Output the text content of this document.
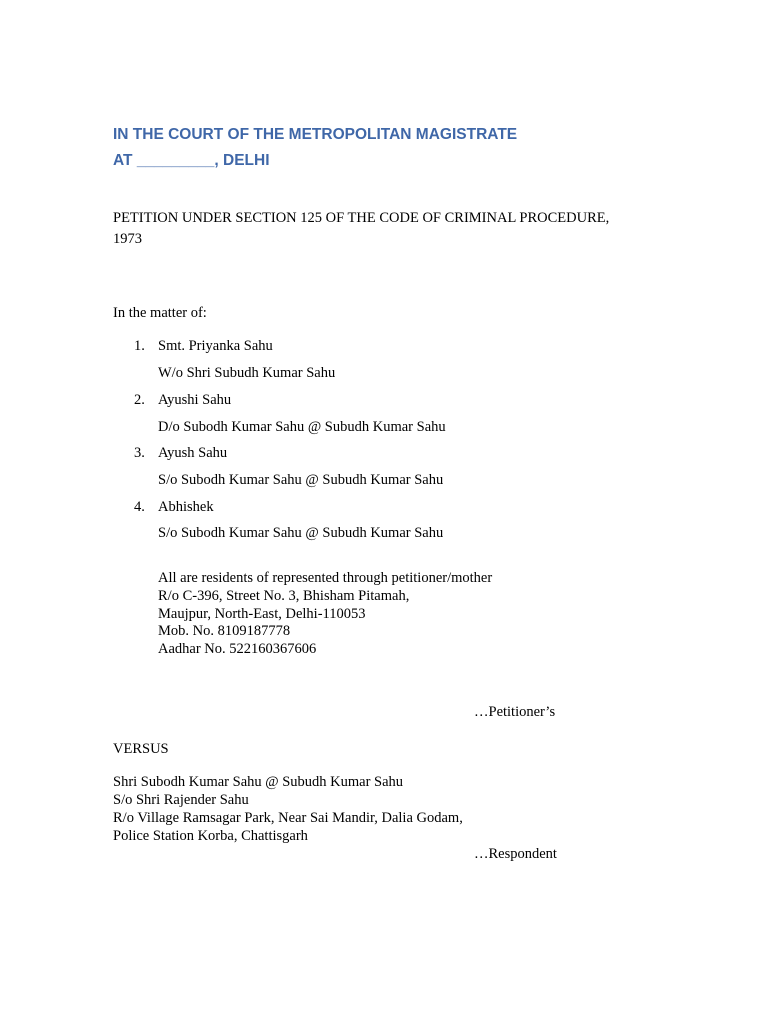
IN THE COURT OF THE METROPOLITAN MAGISTRATE
AT _________, DELHI
PETITION UNDER SECTION 125 OF THE CODE OF CRIMINAL PROCEDURE,
1973
In the matter of:
1. Smt. Priyanka Sahu
W/o Shri Subudh Kumar Sahu
2. Ayushi Sahu
D/o Subodh Kumar Sahu @ Subudh Kumar Sahu
3. Ayush Sahu
S/o Subodh Kumar Sahu @ Subudh Kumar Sahu
4. Abhishek
S/o Subodh Kumar Sahu @ Subudh Kumar Sahu
All are residents of represented through petitioner/mother
R/o C-396, Street No. 3, Bhisham Pitamah,
Maujpur, North-East, Delhi-110053
Mob. No. 8109187778
Aadhar No. 522160367606
…Petitioner’s
VERSUS
Shri Subodh Kumar Sahu @ Subudh Kumar Sahu
S/o Shri Rajender Sahu
R/o Village Ramsagar Park, Near Sai Mandir, Dalia Godam,
Police Station Korba, Chattisgarh
…Respondent
